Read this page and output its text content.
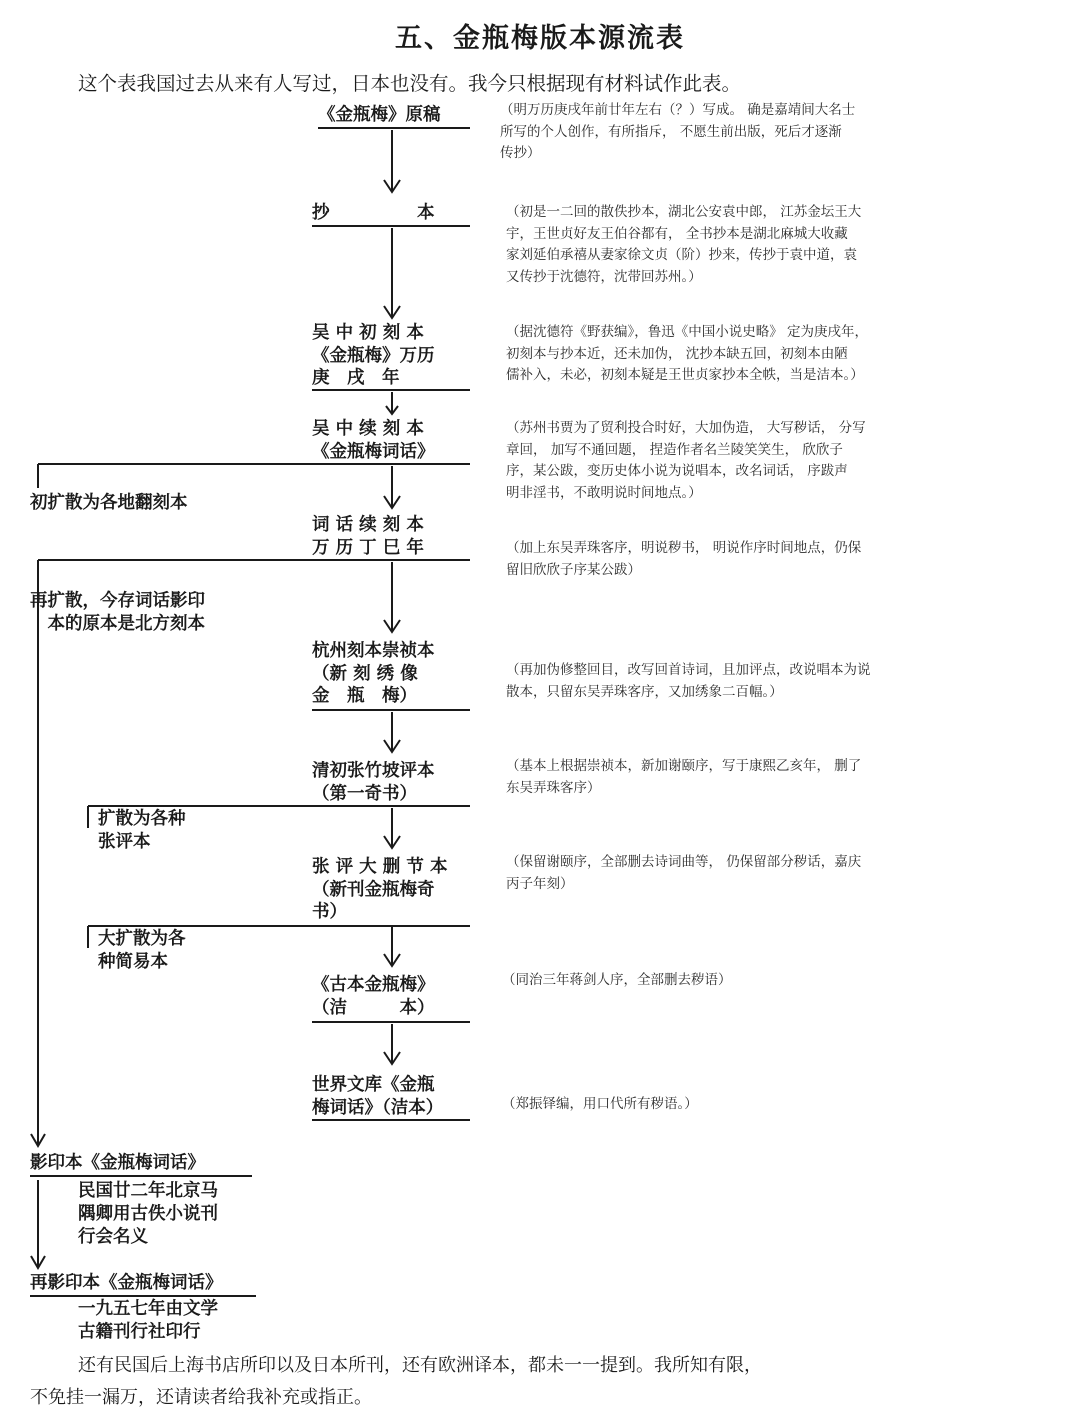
五、金瓶梅版本源流表
这个表我国过去从来有人写过，日本也没有。我今只根据现有材料试作此表。
《金瓶梅》原稿	（明万历庚戌年前廿年左右（？）写成。 确是嘉靖间大名士
所写的个人创作，有所指斥， 不愿生前出版，死后才逐渐
传抄）
抄　　　　　本	（初是一二回的散佚抄本，湖北公安袁中郎， 江苏金坛王大
宇，王世贞好友王伯谷都有， 全书抄本是湖北麻城大收藏
家刘延伯承禧从妻家徐文贞（阶）抄来，传抄于袁中道，袁
又传抄于沈德符，沈带回苏州。）
吴 中 初 刻 本
《金瓶梅》万历
庚　戌　年
（据沈德符《野获编》，鲁迅《中国小说史略》 定为庚戌年，
初刻本与抄本近，还未加伪， 沈抄本缺五回，初刻本由陋
儒补入，未必，初刻本疑是王世贞家抄本全帙，当是洁本。）
吴 中 续 刻 本
《金瓶梅词话》
（苏州书贾为了贸利投合时好，大加伪造， 大写秽话， 分写
章回， 加写不通回题， 捏造作者名兰陵笑笑生， 欣欣子
序，某公跋，变历史体小说为说唱本，改名词话， 序跋声
明非淫书，不敢明说时间地点。）
词 话 续 刻 本
万 历 丁 巳 年	（加上东吴弄珠客序，明说秽书， 明说作序时间地点，仍保
留旧欣欣子序某公跋）
杭州刻本崇祯本
（新 刻 绣 像
金　瓶　梅）
（再加伪修整回目，改写回首诗词，且加评点，改说唱本为说
散本，只留东吴弄珠客序，又加绣象二百幅。）
清初张竹坡评本
（第一奇书）
（基本上根据崇祯本，新加谢颐序，写于康熙乙亥年， 删了
东吴弄珠客序）
张 评 大 删 节 本
（新刊金瓶梅奇
书）
（保留谢颐序，全部删去诗词曲等， 仍保留部分秽话，嘉庆
丙子年刻）
《古本金瓶梅》
（洁　　　本）
（同治三年蒋剑人序，全部删去秽语）
世界文库《金瓶
梅词话》（洁本）	（郑振铎编，用口代所有秽语。）
初扩散为各地翻刻本
再扩散，今存词话影印
　本的原本是北方刻本
扩散为各种
张评本
大扩散为各
种简易本
影印本《金瓶梅词话》
民国廿二年北京马
隅卿用古佚小说刊
行会名义
再影印本《金瓶梅词话》
一九五七年由文学
古籍刊行社印行
还有民国后上海书店所印以及日本所刊，还有欧洲译本，都未一一提到。我所知有限，
不免挂一漏万，还请读者给我补充或指正。
